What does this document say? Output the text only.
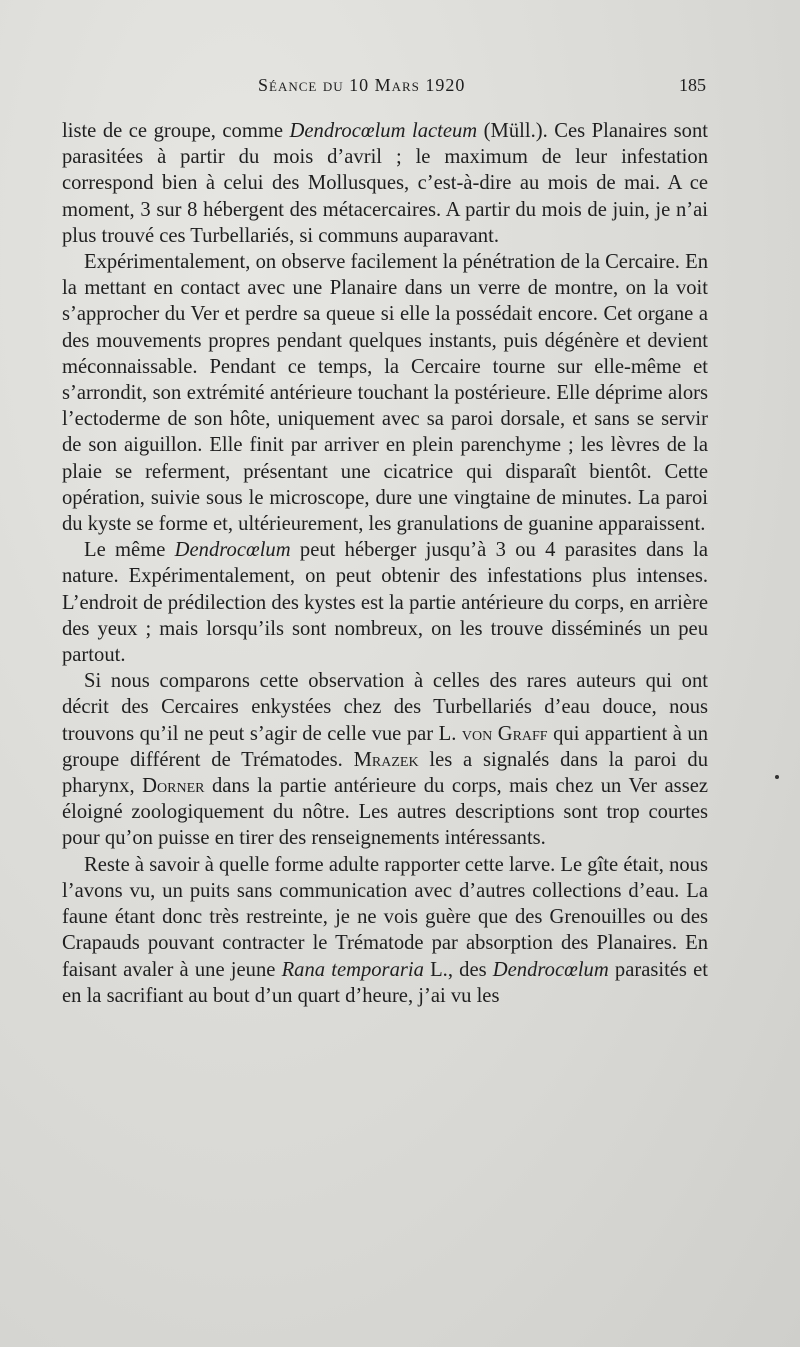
Séance du 10 Mars 1920	185

liste de ce groupe, comme Dendrocœlum lacteum (Müll.). Ces Planaires sont parasitées à partir du mois d’avril ; le maximum de leur infestation correspond bien à celui des Mollusques, c’est-à-dire au mois de mai. A ce moment, 3 sur 8 hébergent des métacercaires. A partir du mois de juin, je n’ai plus trouvé ces Turbellariés, si communs auparavant.

Expérimentalement, on observe facilement la pénétration de la Cercaire. En la mettant en contact avec une Planaire dans un verre de montre, on la voit s’approcher du Ver et perdre sa queue si elle la possédait encore. Cet organe a des mouvements propres pendant quelques instants, puis dégénère et devient méconnaissable. Pendant ce temps, la Cercaire tourne sur elle-même et s’arrondit, son extrémité antérieure touchant la postérieure. Elle déprime alors l’ectoderme de son hôte, uniquement avec sa paroi dorsale, et sans se servir de son aiguillon. Elle finit par arriver en plein parenchyme ; les lèvres de la plaie se referment, présentant une cicatrice qui disparaît bientôt. Cette opération, suivie sous le microscope, dure une vingtaine de minutes. La paroi du kyste se forme et, ultérieurement, les granulations de guanine apparaissent.

Le même Dendrocœlum peut héberger jusqu’à 3 ou 4 parasites dans la nature. Expérimentalement, on peut obtenir des infestations plus intenses. L’endroit de prédilection des kystes est la partie antérieure du corps, en arrière des yeux ; mais lorsqu’ils sont nombreux, on les trouve disséminés un peu partout.

Si nous comparons cette observation à celles des rares auteurs qui ont décrit des Cercaires enkystées chez des Turbellariés d’eau douce, nous trouvons qu’il ne peut s’agir de celle vue par L. von Graff qui appartient à un groupe différent de Trématodes. Mrazek les a signalés dans la paroi du pharynx, Dorner dans la partie antérieure du corps, mais chez un Ver assez éloigné zoologiquement du nôtre. Les autres descriptions sont trop courtes pour qu’on puisse en tirer des renseignements intéressants.

Reste à savoir à quelle forme adulte rapporter cette larve. Le gîte était, nous l’avons vu, un puits sans communication avec d’autres collections d’eau. La faune étant donc très restreinte, je ne vois guère que des Grenouilles ou des Crapauds pouvant contracter le Trématode par absorption des Planaires. En faisant avaler à une jeune Rana temporaria L., des Dendrocœlum parasités et en la sacrifiant au bout d’un quart d’heure, j’ai vu les
